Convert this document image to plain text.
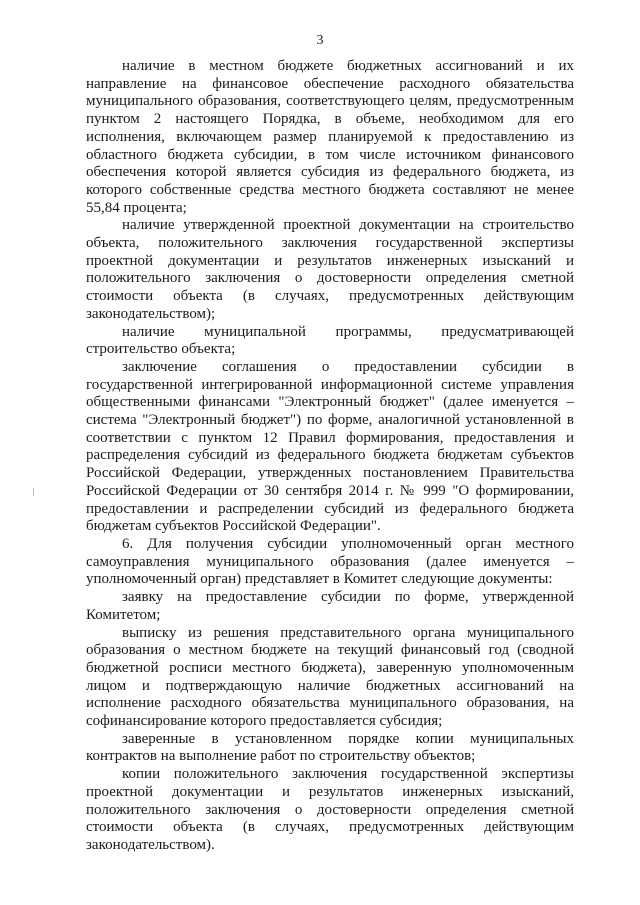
3

наличие в местном бюджете бюджетных ассигнований и их направление на финансовое обеспечение расходного обязательства муниципального образования, соответствующего целям, предусмотренным пунктом 2 настоящего Порядка, в объеме, необходимом для его исполнения, включающем размер планируемой к предоставлению из областного бюджета субсидии, в том числе источником финансового обеспечения которой является субсидия из федерального бюджета, из которого собственные средства местного бюджета составляют не менее 55,84 процента;

наличие утвержденной проектной документации на строительство объекта, положительного заключения государственной экспертизы проектной документации и результатов инженерных изысканий и положительного заключения о достоверности определения сметной стоимости объекта (в случаях, предусмотренных действующим законодательством);

наличие муниципальной программы, предусматривающей строительство объекта;

заключение соглашения о предоставлении субсидии в государственной интегрированной информационной системе управления общественными финансами "Электронный бюджет" (далее именуется – система "Электронный бюджет") по форме, аналогичной установленной в соответствии с пунктом 12 Правил формирования, предоставления и распределения субсидий из федерального бюджета бюджетам субъектов Российской Федерации, утвержденных постановлением Правительства Российской Федерации от 30 сентября 2014 г. № 999 "О формировании, предоставлении и распределении субсидий из федерального бюджета бюджетам субъектов Российской Федерации".

6. Для получения субсидии уполномоченный орган местного самоуправления муниципального образования (далее именуется – уполномоченный орган) представляет в Комитет следующие документы:

заявку на предоставление субсидии по форме, утвержденной Комитетом;

выписку из решения представительного органа муниципального образования о местном бюджете на текущий финансовый год (сводной бюджетной росписи местного бюджета), заверенную уполномоченным лицом и подтверждающую наличие бюджетных ассигнований на исполнение расходного обязательства муниципального образования, на софинансирование которого предоставляется субсидия;

заверенные в установленном порядке копии муниципальных контрактов на выполнение работ по строительству объектов;

копии положительного заключения государственной экспертизы проектной документации и результатов инженерных изысканий, положительного заключения о достоверности определения сметной стоимости объекта (в случаях, предусмотренных действующим законодательством).
